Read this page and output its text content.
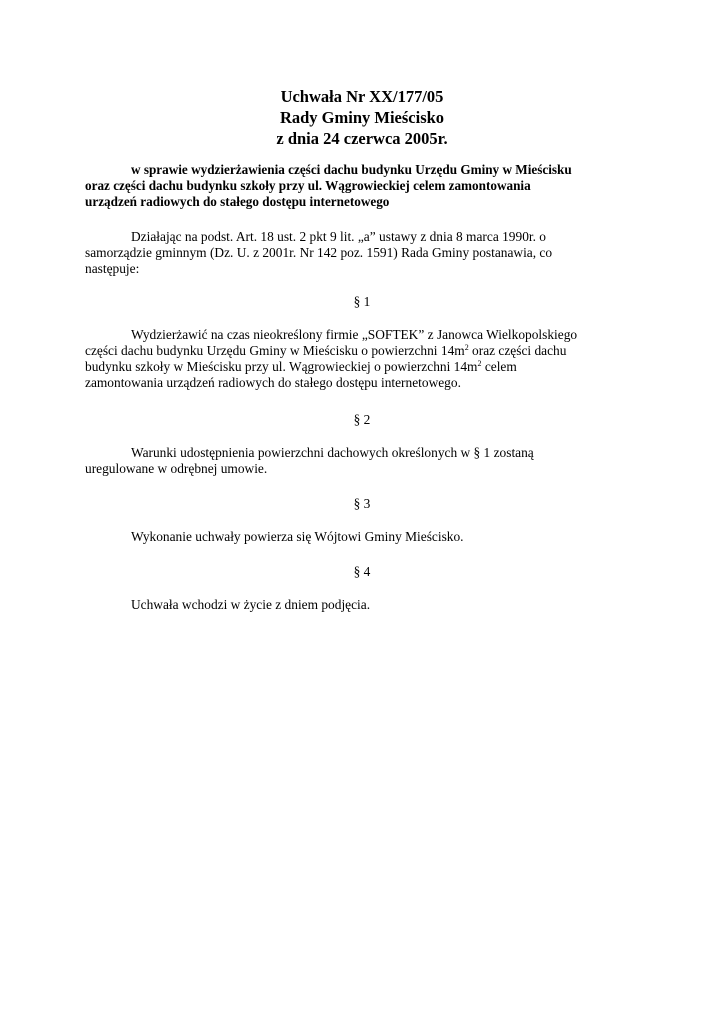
Uchwała Nr XX/177/05
Rady Gminy Mieścisko
z dnia 24 czerwca 2005r.
w sprawie wydzierżawienia części dachu budynku Urzędu Gminy w Mieścisku
oraz części dachu budynku szkoły przy ul. Wągrowieckiej celem zamontowania
urządzeń radiowych do stałego dostępu internetowego
Działając na podst. Art. 18 ust. 2 pkt 9 lit. „a” ustawy z dnia 8 marca 1990r. o
samorządzie gminnym (Dz. U. z 2001r. Nr 142 poz. 1591) Rada Gminy postanawia, co
następuje:
§ 1
Wydzierżawić na czas nieokreślony firmie „SOFTEK” z Janowca Wielkopolskiego
części dachu budynku Urzędu Gminy w Mieścisku o powierzchni $14m^2$ oraz części dachu
budynku szkoły w Mieścisku przy ul. Wągrowieckiej o powierzchni $14m^2$ celem
zamontowania urządzeń radiowych do stałego dostępu internetowego.
§ 2
Warunki udostępnienia powierzchni dachowych określonych w § 1 zostaną
uregulowane w odrębnej umowie.
§ 3
Wykonanie uchwały powierza się Wójtowi Gminy Mieścisko.
§ 4
Uchwała wchodzi w życie z dniem podjęcia.
